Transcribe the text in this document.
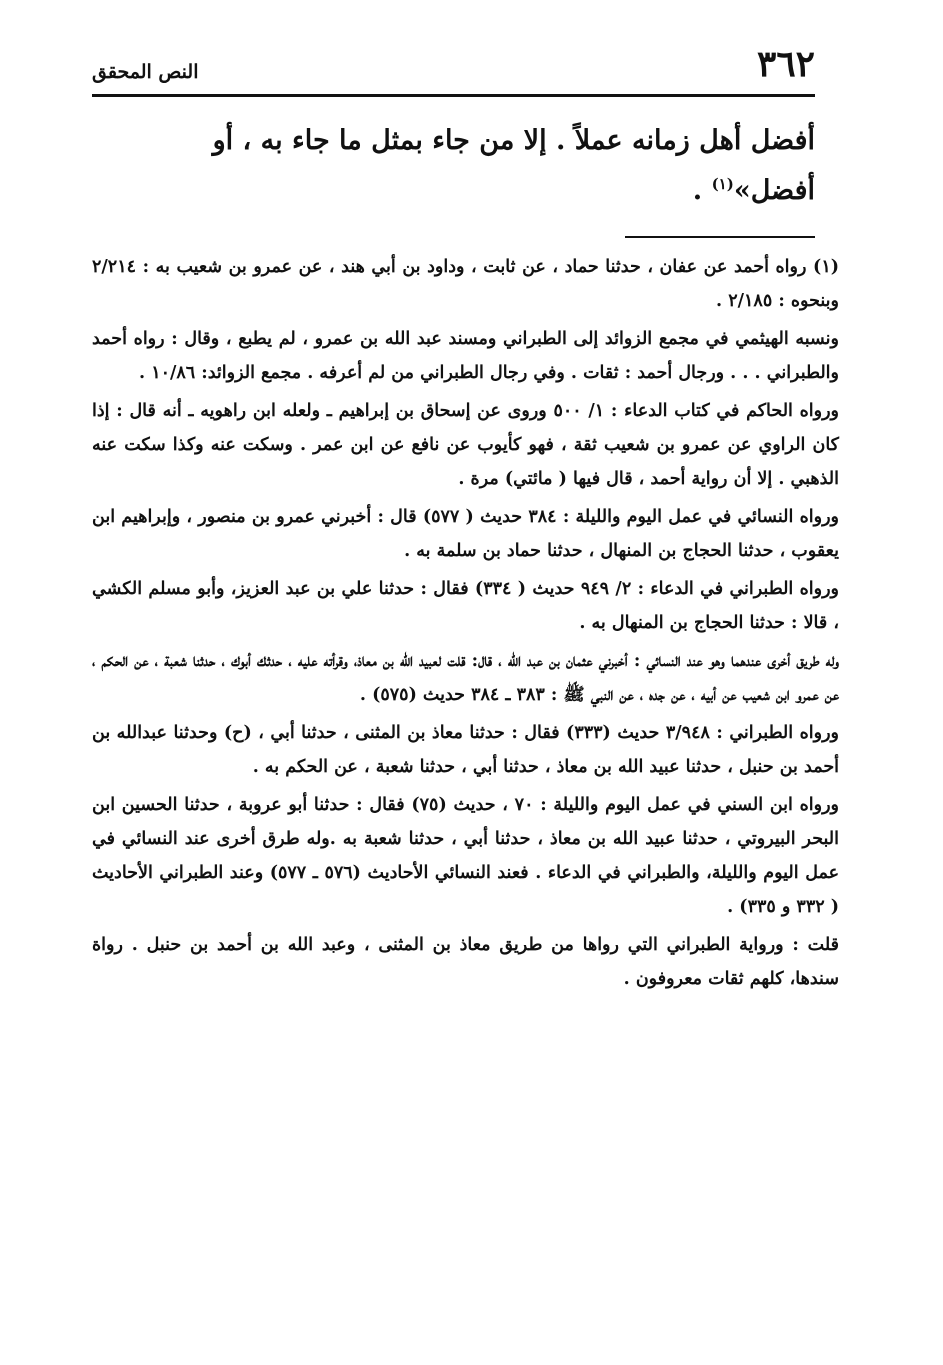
٣٦٢
النص المحقق
أفضل أهل زمانه عملاً . إلا من جاء بمثل ما جاء به ، أو
أفضل»$^{(١)}$ .

(١) رواه أحمد عن عفان ، حدثنا حماد ، عن ثابت ، وداود بن أبي هند ، عن عمرو بن شعيب به : ٢/٢١٤ وبنحوه : ٢/١٨٥ .

ونسبه الهيثمي في مجمع الزوائد إلى الطبراني ومسند عبد الله بن عمرو ، لم يطبع ، وقال : رواه أحمد والطبراني . . . ورجال أحمد : ثقات . وفي رجال الطبراني من لم أعرفه . مجمع الزوائد: ١٠/٨٦ .

ورواه الحاكم في كتاب الدعاء : ١/ ٥٠٠ وروى عن إسحاق بن إبراهيم ـ ولعله ابن راهويه ـ أنه قال : إذا كان الراوي عن عمرو بن شعيب ثقة ، فهو كأيوب عن نافع عن ابن عمر . وسكت عنه وكذا سكت عنه الذهبي . إلا أن رواية أحمد ، قال فيها ( مائتي) مرة .

ورواه النسائي في عمل اليوم والليلة : ٣٨٤ حديث ( ٥٧٧) قال : أخبرني عمرو بن منصور ، وإبراهيم ابن يعقوب ، حدثنا الحجاج بن المنهال ، حدثنا حماد بن سلمة به .

ورواه الطبراني في الدعاء : ٢/ ٩٤٩ حديث ( ٣٣٤) فقال : حدثنا علي بن عبد العزيز، وأبو مسلم الكشي ، قالا : حدثنا الحجاج بن المنهال به .

وله طريق أخرى عندهما وهو عند النسائي : أخبرني عثمان بن عبد الله ، قال: قلت لعبيد الله بن معاذ، وقرأته عليه ، حدثك أبوك ، حدثنا شعبة ، عن الحكم ، عن عمرو ابن شعيب عن أبيه ، عن جده ، عن النبي ﷺ : ٣٨٣ ـ ٣٨٤ حديث (٥٧٥) .

ورواه الطبراني : ٣/٩٤٨ حديث (٣٣٣) فقال : حدثنا معاذ بن المثنى ، حدثنا أبي ، (ح) وحدثنا عبدالله بن أحمد بن حنبل ، حدثنا عبيد الله بن معاذ ، حدثنا أبي ، حدثنا شعبة ، عن الحكم به .

ورواه ابن السني في عمل اليوم والليلة : ٧٠ ، حديث (٧٥) فقال : حدثنا أبو عروبة ، حدثنا الحسين ابن البحر البيروتي ، حدثنا عبيد الله بن معاذ ، حدثنا أبي ، حدثنا شعبة به .وله طرق أخرى عند النسائي في عمل اليوم والليلة، والطبراني في الدعاء . فعند النسائي الأحاديث (٥٧٦ ـ ٥٧٧) وعند الطبراني الأحاديث ( ٣٣٢ و ٣٣٥) .

قلت : ورواية الطبراني التي رواها من طريق معاذ بن المثنى ، وعبد الله بن أحمد بن حنبل . رواة سندها، كلهم ثقات معروفون .
